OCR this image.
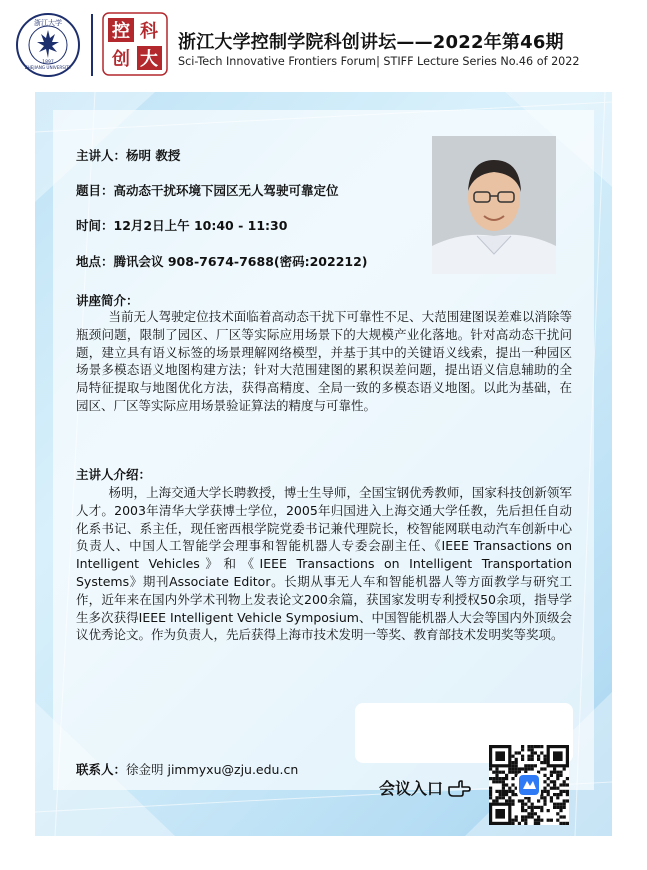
浙江大学
ZHEJIANG UNIVERSITY
1897
控 科
创 大
浙江大学控制学院科创讲坛——2022年第46期
Sci-Tech Innovative Frontiers Forum| STIFF Lecture Series No.46 of 2022
主讲人：杨明 教授
题目：高动态干扰环境下园区无人驾驶可靠定位
时间：12月2日上午 10:40 - 11:30
地点：腾讯会议 908-7674-7688(密码:202212)
讲座简介：
当前无人驾驶定位技术面临着高动态干扰下可靠性不足、大范围建图误差难以消除等瓶颈问题，限制了园区、厂区等实际应用场景下的大规模产业化落地。针对高动态干扰问题，建立具有语义标签的场景理解网络模型，并基于其中的关键语义线索，提出一种园区场景多模态语义地图构建方法；针对大范围建图的累积误差问题，提出语义信息辅助的全局特征提取与地图优化方法，获得高精度、全局一致的多模态语义地图。以此为基础，在园区、厂区等实际应用场景验证算法的精度与可靠性。
主讲人介绍：
杨明，上海交通大学长聘教授，博士生导师，全国宝钢优秀教师，国家科技创新领军人才。2003年清华大学获博士学位，2005年归国进入上海交通大学任教，先后担任自动化系书记、系主任，现任密西根学院党委书记兼代理院长，校智能网联电动汽车创新中心负责人、中国人工智能学会理事和智能机器人专委会副主任、《IEEE Transactions on Intelligent Vehicles》和《IEEE Transactions on Intelligent Transportation Systems》期刊Associate Editor。长期从事无人车和智能机器人等方面教学与研究工作，近年来在国内外学术刊物上发表论文200余篇，获国家发明专利授权50余项，指导学生多次获得IEEE Intelligent Vehicle Symposium、中国智能机器人大会等国内外顶级会议优秀论文。作为负责人，先后获得上海市技术发明一等奖、教育部技术发明奖等奖项。
联系人：徐金明 jimmyxu@zju.edu.cn
会议入口
